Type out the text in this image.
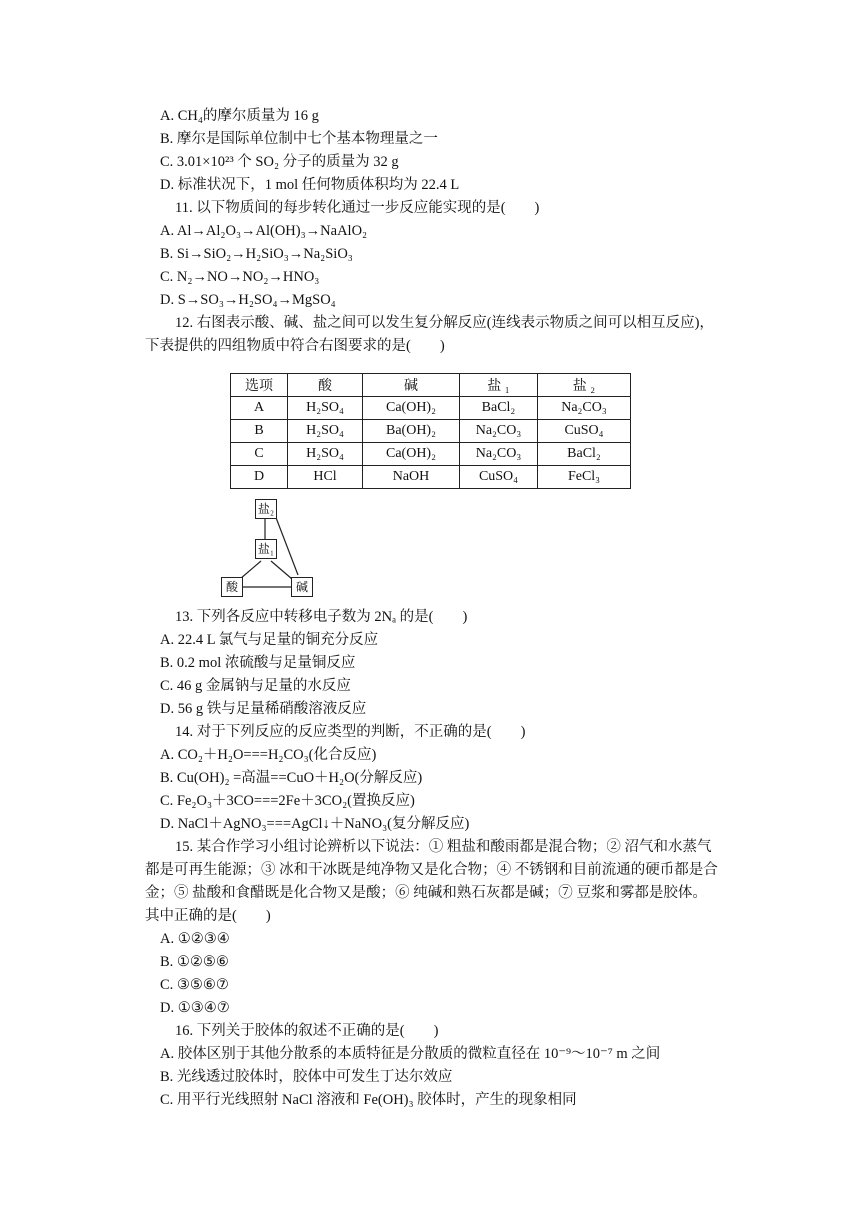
A. CH₄的摩尔质量为 16 g
B. 摩尔是国际单位制中七个基本物理量之一
C. 3.01×10²³ 个 SO₂ 分子的质量为 32 g
D. 标准状况下，1 mol 任何物质体积均为 22.4 L
11. 以下物质间的每步转化通过一步反应能实现的是(　　)
A. Al→Al₂O₃→Al(OH)₃→NaAlO₂
B. Si→SiO₂→H₂SiO₃→Na₂SiO₃
C. N₂→NO→NO₂→HNO₃
D. S→SO₃→H₂SO₄→MgSO₄
12. 右图表示酸、碱、盐之间可以发生复分解反应(连线表示物质之间可以相互反应)，
下表提供的四组物质中符合右图要求的是(　　)
选项	酸	碱	盐 ₁	盐 ₂
A	H₂SO₄	Ca(OH)₂	BaCl₂	Na₂CO₃
B	H₂SO₄	Ba(OH)₂	Na₂CO₃	CuSO₄
C	H₂SO₄	Ca(OH)₂	Na₂CO₃	BaCl₂
D	HCl	NaOH	CuSO₄	FeCl₃
盐₂
盐₁
酸	碱
13. 下列各反应中转移电子数为 2Nₐ 的是(　　)
A. 22.4 L 氯气与足量的铜充分反应
B. 0.2 mol 浓硫酸与足量铜反应
C. 46 g 金属钠与足量的水反应
D. 56 g 铁与足量稀硝酸溶液反应
14. 对于下列反应的反应类型的判断，不正确的是(　　)
A. CO₂＋H₂O===H₂CO₃(化合反应)
B. Cu(OH)₂ =高温==CuO＋H₂O(分解反应)
C. Fe₂O₃＋3CO===2Fe＋3CO₂(置换反应)
D. NaCl＋AgNO₃===AgCl↓＋NaNO₃(复分解反应)
15. 某合作学习小组讨论辨析以下说法：① 粗盐和酸雨都是混合物；② 沼气和水蒸气
都是可再生能源；③ 冰和干冰既是纯净物又是化合物；④ 不锈钢和目前流通的硬币都是合
金；⑤ 盐酸和食醋既是化合物又是酸；⑥ 纯碱和熟石灰都是碱；⑦ 豆浆和雾都是胶体。
其中正确的是(　　)
A. ①②③④
B. ①②⑤⑥
C. ③⑤⑥⑦
D. ①③④⑦
16. 下列关于胶体的叙述不正确的是(　　)
A. 胶体区别于其他分散系的本质特征是分散质的微粒直径在 10⁻⁹～10⁻⁷ m 之间
B. 光线透过胶体时，胶体中可发生丁达尔效应
C. 用平行光线照射 NaCl 溶液和 Fe(OH)₃ 胶体时，产生的现象相同
